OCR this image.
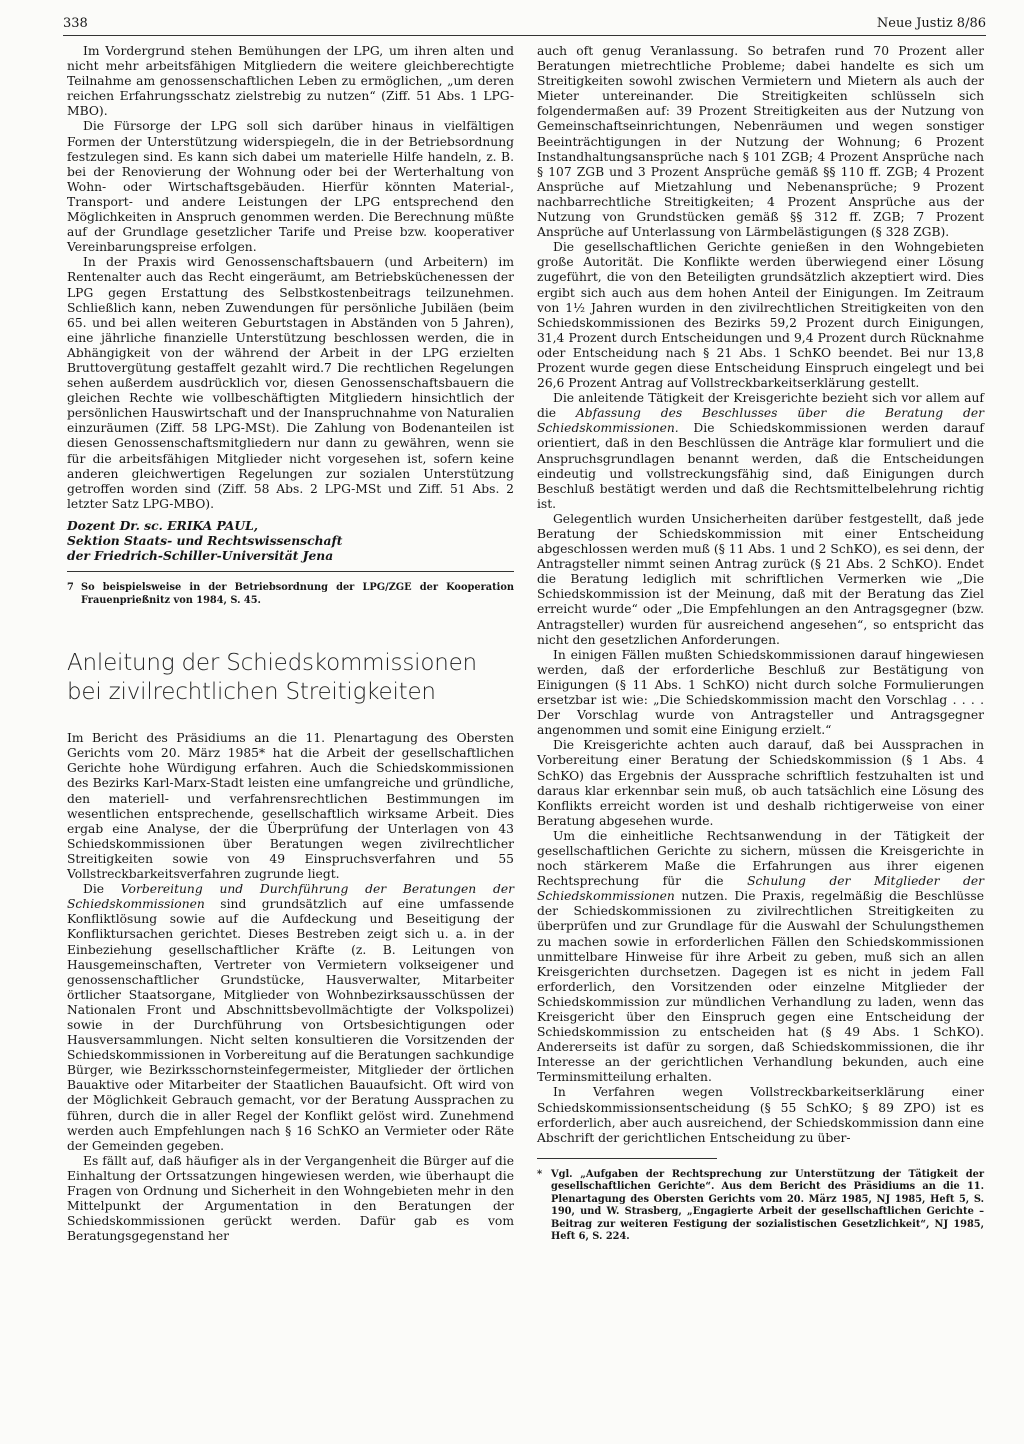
338	Neue Justiz 8/86

Im Vordergrund stehen Bemühungen der LPG, um ihren alten und nicht mehr arbeitsfähigen Mitgliedern die weitere gleichberechtigte Teilnahme am genossenschaftlichen Leben zu ermöglichen, „um deren reichen Erfahrungsschatz zielstrebig zu nutzen“ (Ziff. 51 Abs. 1 LPG-MBO).

Die Fürsorge der LPG soll sich darüber hinaus in vielfältigen Formen der Unterstützung widerspiegeln, die in der Betriebsordnung festzulegen sind. Es kann sich dabei um materielle Hilfe handeln, z. B. bei der Renovierung der Wohnung oder bei der Werterhaltung von Wohn- oder Wirtschaftsgebäuden. Hierfür könnten Material-, Transport- und andere Leistungen der LPG entsprechend den Möglichkeiten in Anspruch genommen werden. Die Berechnung müßte auf der Grundlage gesetzlicher Tarife und Preise bzw. kooperativer Vereinbarungspreise erfolgen.

In der Praxis wird Genossenschaftsbauern (und Arbeitern) im Rentenalter auch das Recht eingeräumt, am Betriebsküchenessen der LPG gegen Erstattung des Selbstkostenbeitrags teilzunehmen. Schließlich kann, neben Zuwendungen für persönliche Jubiläen (beim 65. und bei allen weiteren Geburtstagen in Abständen von 5 Jahren), eine jährliche finanzielle Unterstützung beschlossen werden, die in Abhängigkeit von der während der Arbeit in der LPG erzielten Bruttovergütung gestaffelt gezahlt wird.7 Die rechtlichen Regelungen sehen außerdem ausdrücklich vor, diesen Genossenschaftsbauern die gleichen Rechte wie vollbeschäftigten Mitgliedern hinsichtlich der persönlichen Hauswirtschaft und der Inanspruchnahme von Naturalien einzuräumen (Ziff. 58 LPG-MSt). Die Zahlung von Bodenanteilen ist diesen Genossenschaftsmitgliedern nur dann zu gewähren, wenn sie für die arbeitsfähigen Mitglieder nicht vorgesehen ist, sofern keine anderen gleichwertigen Regelungen zur sozialen Unterstützung getroffen worden sind (Ziff. 58 Abs. 2 LPG-MSt und Ziff. 51 Abs. 2 letzter Satz LPG-MBO).

Dozent Dr. sc. ERIKA PAUL,
Sektion Staats- und Rechtswissenschaft
der Friedrich-Schiller-Universität Jena
7 So beispielsweise in der Betriebsordnung der LPG/ZGE der Kooperation Frauenprießnitz von 1984, S. 45.
Anleitung der Schiedskommissionen
bei zivilrechtlichen Streitigkeiten

Im Bericht des Präsidiums an die 11. Plenartagung des Obersten Gerichts vom 20. März 1985* hat die Arbeit der gesellschaftlichen Gerichte hohe Würdigung erfahren. Auch die Schiedskommissionen des Bezirks Karl-Marx-Stadt leisten eine umfangreiche und gründliche, den materiell- und verfahrensrechtlichen Bestimmungen im wesentlichen entsprechende, gesellschaftlich wirksame Arbeit. Dies ergab eine Analyse, der die Überprüfung der Unterlagen von 43 Schiedskommissionen über Beratungen wegen zivilrechtlicher Streitigkeiten sowie von 49 Einspruchsverfahren und 55 Vollstreckbarkeitsverfahren zugrunde liegt.

Die Vorbereitung und Durchführung der Beratungen der Schiedskommissionen sind grundsätzlich auf eine umfassende Konfliktlösung sowie auf die Aufdeckung und Beseitigung der Konfliktursachen gerichtet. Dieses Bestreben zeigt sich u. a. in der Einbeziehung gesellschaftlicher Kräfte (z. B. Leitungen von Hausgemeinschaften, Vertreter von Vermietern volkseigener und genossenschaftlicher Grundstücke, Hausverwalter, Mitarbeiter örtlicher Staatsorgane, Mitglieder von Wohnbezirksausschüssen der Nationalen Front und Abschnittsbevollmächtigte der Volkspolizei) sowie in der Durchführung von Ortsbesichtigungen oder Hausversammlungen. Nicht selten konsultieren die Vorsitzenden der Schiedskommissionen in Vorbereitung auf die Beratungen sachkundige Bürger, wie Bezirksschornsteinfegermeister, Mitglieder der örtlichen Bauaktive oder Mitarbeiter der Staatlichen Bauaufsicht. Oft wird von der Möglichkeit Gebrauch gemacht, vor der Beratung Aussprachen zu führen, durch die in aller Regel der Konflikt gelöst wird. Zunehmend werden auch Empfehlungen nach § 16 SchKO an Vermieter oder Räte der Gemeinden gegeben.

Es fällt auf, daß häufiger als in der Vergangenheit die Bürger auf die Einhaltung der Ortssatzungen hingewiesen werden, wie überhaupt die Fragen von Ordnung und Sicherheit in den Wohngebieten mehr in den Mittelpunkt der Argumentation in den Beratungen der Schiedskommissionen gerückt werden. Dafür gab es vom Beratungsgegenstand her

auch oft genug Veranlassung. So betrafen rund 70 Prozent aller Beratungen mietrechtliche Probleme; dabei handelte es sich um Streitigkeiten sowohl zwischen Vermietern und Mietern als auch der Mieter untereinander. Die Streitigkeiten schlüsseln sich folgendermaßen auf: 39 Prozent Streitigkeiten aus der Nutzung von Gemeinschaftseinrichtungen, Nebenräumen und wegen sonstiger Beeinträchtigungen in der Nutzung der Wohnung; 6 Prozent Instandhaltungsansprüche nach § 101 ZGB; 4 Prozent Ansprüche nach § 107 ZGB und 3 Prozent Ansprüche gemäß §§ 110 ff. ZGB; 4 Prozent Ansprüche auf Mietzahlung und Nebenansprüche; 9 Prozent nachbarrechtliche Streitigkeiten; 4 Prozent Ansprüche aus der Nutzung von Grundstücken gemäß §§ 312 ff. ZGB; 7 Prozent Ansprüche auf Unterlassung von Lärmbelästigungen (§ 328 ZGB).

Die gesellschaftlichen Gerichte genießen in den Wohngebieten große Autorität. Die Konflikte werden überwiegend einer Lösung zugeführt, die von den Beteiligten grundsätzlich akzeptiert wird. Dies ergibt sich auch aus dem hohen Anteil der Einigungen. Im Zeitraum von 1½ Jahren wurden in den zivilrechtlichen Streitigkeiten von den Schiedskommissionen des Bezirks 59,2 Prozent durch Einigungen, 31,4 Prozent durch Entscheidungen und 9,4 Prozent durch Rücknahme oder Entscheidung nach § 21 Abs. 1 SchKO beendet. Bei nur 13,8 Prozent wurde gegen diese Entscheidung Einspruch eingelegt und bei 26,6 Prozent Antrag auf Vollstreckbarkeitserklärung gestellt.

Die anleitende Tätigkeit der Kreisgerichte bezieht sich vor allem auf die Abfassung des Beschlusses über die Beratung der Schiedskommissionen. Die Schiedskommissionen werden darauf orientiert, daß in den Beschlüssen die Anträge klar formuliert und die Anspruchsgrundlagen benannt werden, daß die Entscheidungen eindeutig und vollstreckungsfähig sind, daß Einigungen durch Beschluß bestätigt werden und daß die Rechtsmittelbelehrung richtig ist.

Gelegentlich wurden Unsicherheiten darüber festgestellt, daß jede Beratung der Schiedskommission mit einer Entscheidung abgeschlossen werden muß (§ 11 Abs. 1 und 2 SchKO), es sei denn, der Antragsteller nimmt seinen Antrag zurück (§ 21 Abs. 2 SchKO). Endet die Beratung lediglich mit schriftlichen Vermerken wie „Die Schiedskommission ist der Meinung, daß mit der Beratung das Ziel erreicht wurde“ oder „Die Empfehlungen an den Antragsgegner (bzw. Antragsteller) wurden für ausreichend angesehen“, so entspricht das nicht den gesetzlichen Anforderungen.

In einigen Fällen mußten Schiedskommissionen darauf hingewiesen werden, daß der erforderliche Beschluß zur Bestätigung von Einigungen (§ 11 Abs. 1 SchKO) nicht durch solche Formulierungen ersetzbar ist wie: „Die Schiedskommission macht den Vorschlag . . . . Der Vorschlag wurde von Antragsteller und Antragsgegner angenommen und somit eine Einigung erzielt.“

Die Kreisgerichte achten auch darauf, daß bei Aussprachen in Vorbereitung einer Beratung der Schiedskommission (§ 1 Abs. 4 SchKO) das Ergebnis der Aussprache schriftlich festzuhalten ist und daraus klar erkennbar sein muß, ob auch tatsächlich eine Lösung des Konflikts erreicht worden ist und deshalb richtigerweise von einer Beratung abgesehen wurde.

Um die einheitliche Rechtsanwendung in der Tätigkeit der gesellschaftlichen Gerichte zu sichern, müssen die Kreisgerichte in noch stärkerem Maße die Erfahrungen aus ihrer eigenen Rechtsprechung für die Schulung der Mitglieder der Schiedskommissionen nutzen. Die Praxis, regelmäßig die Beschlüsse der Schiedskommissionen zu zivilrechtlichen Streitigkeiten zu überprüfen und zur Grundlage für die Auswahl der Schulungsthemen zu machen sowie in erforderlichen Fällen den Schiedskommissionen unmittelbare Hinweise für ihre Arbeit zu geben, muß sich an allen Kreisgerichten durchsetzen. Dagegen ist es nicht in jedem Fall erforderlich, den Vorsitzenden oder einzelne Mitglieder der Schiedskommission zur mündlichen Verhandlung zu laden, wenn das Kreisgericht über den Einspruch gegen eine Entscheidung der Schiedskommission zu entscheiden hat (§ 49 Abs. 1 SchKO). Andererseits ist dafür zu sorgen, daß Schiedskommissionen, die ihr Interesse an der gerichtlichen Verhandlung bekunden, auch eine Terminsmitteilung erhalten.

In Verfahren wegen Vollstreckbarkeitserklärung einer Schiedskommissionsentscheidung (§ 55 SchKO; § 89 ZPO) ist es erforderlich, aber auch ausreichend, der Schiedskommission dann eine Abschrift der gerichtlichen Entscheidung zu über-

* Vgl. „Aufgaben der Rechtsprechung zur Unterstützung der Tätigkeit der gesellschaftlichen Gerichte“. Aus dem Bericht des Präsidiums an die 11. Plenartagung des Obersten Gerichts vom 20. März 1985, NJ 1985, Heft 5, S. 190, und W. Strasberg, „Engagierte Arbeit der gesellschaftlichen Gerichte – Beitrag zur weiteren Festigung der sozialistischen Gesetzlichkeit“, NJ 1985, Heft 6, S. 224.
